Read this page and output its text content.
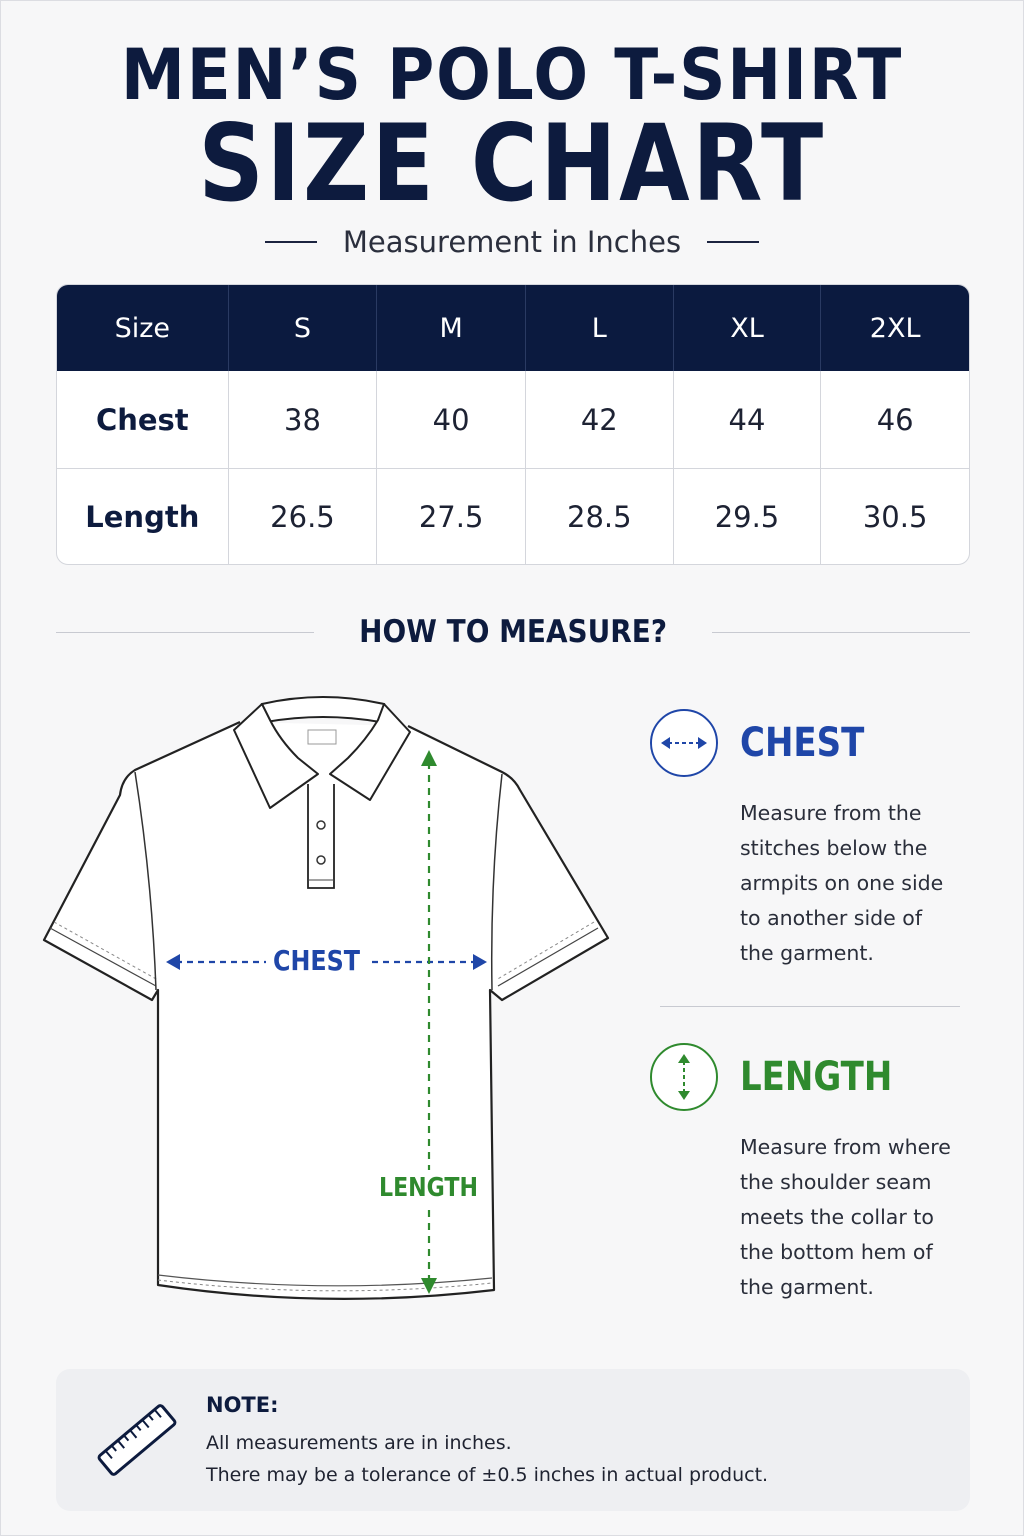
MEN’S POLO T-SHIRT
SIZE CHART
Measurement in Inches
Size	S	M	L	XL	2XL
Chest	38	40	42	44	46
Length	26.5	27.5	28.5	29.5	30.5
HOW TO MEASURE?
CHEST
LENGTH
CHEST
Measure from the
stitches below the
armpits on one side
to another side of
the garment.
LENGTH
Measure from where
the shoulder seam
meets the collar to
the bottom hem of
the garment.
NOTE:
All measurements are in inches.
There may be a tolerance of ±0.5 inches in actual product.
